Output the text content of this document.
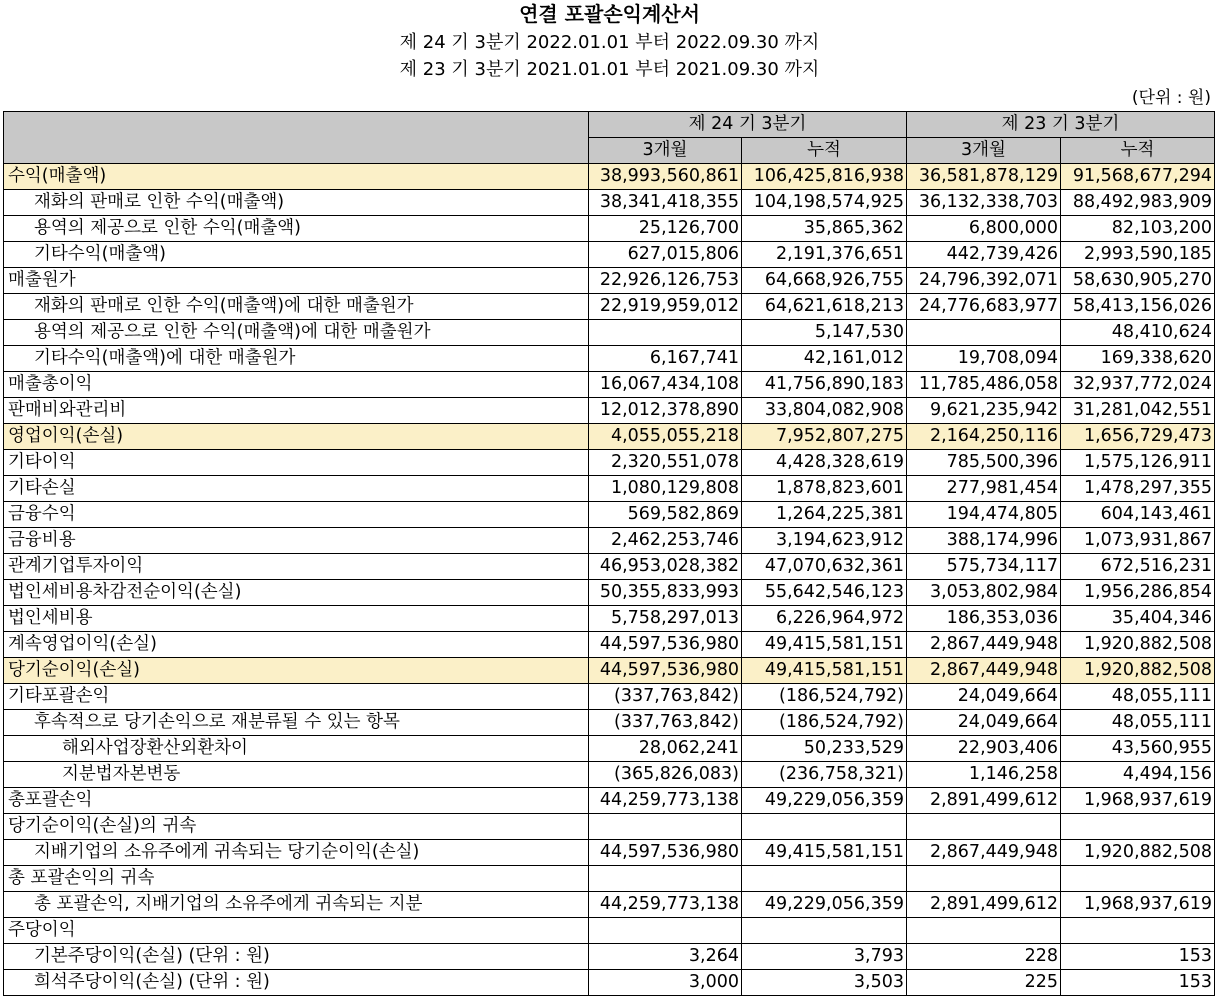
연결 포괄손익계산서
제 24 기 3분기 2022.01.01 부터 2022.09.30 까지
제 23 기 3분기 2021.01.01 부터 2021.09.30 까지
(단위 : 원)
	제 24 기 3분기		제 23 기 3분기	
	3개월	누적	3개월	누적
수익(매출액)	38,993,560,861	106,425,816,938	36,581,878,129	91,568,677,294
재화의 판매로 인한 수익(매출액)	38,341,418,355	104,198,574,925	36,132,338,703	88,492,983,909
용역의 제공으로 인한 수익(매출액)	25,126,700	35,865,362	6,800,000	82,103,200
기타수익(매출액)	627,015,806	2,191,376,651	442,739,426	2,993,590,185
매출원가	22,926,126,753	64,668,926,755	24,796,392,071	58,630,905,270
재화의 판매로 인한 수익(매출액)에 대한 매출원가	22,919,959,012	64,621,618,213	24,776,683,977	58,413,156,026
용역의 제공으로 인한 수익(매출액)에 대한 매출원가		5,147,530		48,410,624
기타수익(매출액)에 대한 매출원가	6,167,741	42,161,012	19,708,094	169,338,620
매출총이익	16,067,434,108	41,756,890,183	11,785,486,058	32,937,772,024
판매비와관리비	12,012,378,890	33,804,082,908	9,621,235,942	31,281,042,551
영업이익(손실)	4,055,055,218	7,952,807,275	2,164,250,116	1,656,729,473
기타이익	2,320,551,078	4,428,328,619	785,500,396	1,575,126,911
기타손실	1,080,129,808	1,878,823,601	277,981,454	1,478,297,355
금융수익	569,582,869	1,264,225,381	194,474,805	604,143,461
금융비용	2,462,253,746	3,194,623,912	388,174,996	1,073,931,867
관계기업투자이익	46,953,028,382	47,070,632,361	575,734,117	672,516,231
법인세비용차감전순이익(손실)	50,355,833,993	55,642,546,123	3,053,802,984	1,956,286,854
법인세비용	5,758,297,013	6,226,964,972	186,353,036	35,404,346
계속영업이익(손실)	44,597,536,980	49,415,581,151	2,867,449,948	1,920,882,508
당기순이익(손실)	44,597,536,980	49,415,581,151	2,867,449,948	1,920,882,508
기타포괄손익	(337,763,842)	(186,524,792)	24,049,664	48,055,111
후속적으로 당기손익으로 재분류될 수 있는 항목	(337,763,842)	(186,524,792)	24,049,664	48,055,111
해외사업장환산외환차이	28,062,241	50,233,529	22,903,406	43,560,955
지분법자본변동	(365,826,083)	(236,758,321)	1,146,258	4,494,156
총포괄손익	44,259,773,138	49,229,056,359	2,891,499,612	1,968,937,619
당기순이익(손실)의 귀속				
지배기업의 소유주에게 귀속되는 당기순이익(손실)	44,597,536,980	49,415,581,151	2,867,449,948	1,920,882,508
총 포괄손익의 귀속				
총 포괄손익, 지배기업의 소유주에게 귀속되는 지분	44,259,773,138	49,229,056,359	2,891,499,612	1,968,937,619
주당이익				
기본주당이익(손실) (단위 : 원)	3,264	3,793	228	153
희석주당이익(손실) (단위 : 원)	3,000	3,503	225	153
